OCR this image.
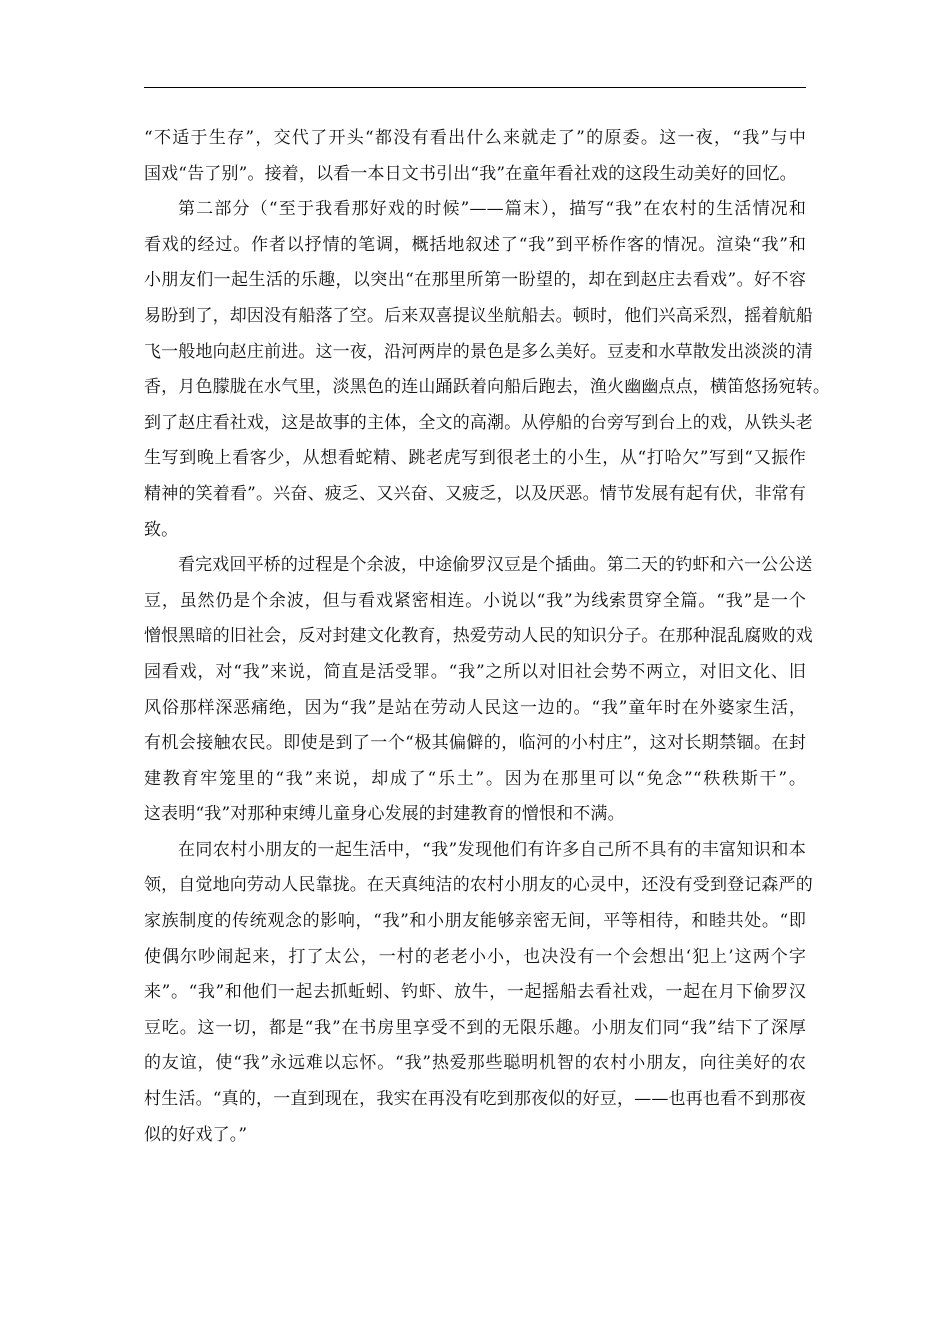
“不适于生存”，交代了开头“都没有看出什么来就走了”的原委。这一夜，“我”与中
国戏“告了别”。接着，以看一本日文书引出“我”在童年看社戏的这段生动美好的回忆。
第二部分（“至于我看那好戏的时候”——篇末），描写“我”在农村的生活情况和
看戏的经过。作者以抒情的笔调，概括地叙述了“我”到平桥作客的情况。渲染“我”和
小朋友们一起生活的乐趣，以突出“在那里所第一盼望的，却在到赵庄去看戏”。好不容
易盼到了，却因没有船落了空。后来双喜提议坐航船去。顿时，他们兴高采烈，摇着航船
飞一般地向赵庄前进。这一夜，沿河两岸的景色是多么美好。豆麦和水草散发出淡淡的清
香，月色朦胧在水气里，淡黑色的连山踊跃着向船后跑去，渔火幽幽点点，横笛悠扬宛转。
到了赵庄看社戏，这是故事的主体，全文的高潮。从停船的台旁写到台上的戏，从铁头老
生写到晚上看客少，从想看蛇精、跳老虎写到很老土的小生，从“打哈欠”写到“又振作
精神的笑着看”。兴奋、疲乏、又兴奋、又疲乏，以及厌恶。情节发展有起有伏，非常有
致。
看完戏回平桥的过程是个余波，中途偷罗汉豆是个插曲。第二天的钓虾和六一公公送
豆，虽然仍是个余波，但与看戏紧密相连。小说以“我”为线索贯穿全篇。“我”是一个
憎恨黑暗的旧社会，反对封建文化教育，热爱劳动人民的知识分子。在那种混乱腐败的戏
园看戏，对“我”来说，简直是活受罪。“我”之所以对旧社会势不两立，对旧文化、旧
风俗那样深恶痛绝，因为“我”是站在劳动人民这一边的。“我”童年时在外婆家生活，
有机会接触农民。即使是到了一个“极其偏僻的，临河的小村庄”，这对长期禁锢。在封
建教育牢笼里的“我”来说，却成了“乐土”。因为在那里可以“免念”“秩秩斯干”。
这表明“我”对那种束缚儿童身心发展的封建教育的憎恨和不满。
在同农村小朋友的一起生活中，“我”发现他们有许多自己所不具有的丰富知识和本
领，自觉地向劳动人民靠拢。在天真纯洁的农村小朋友的心灵中，还没有受到登记森严的
家族制度的传统观念的影响，“我”和小朋友能够亲密无间，平等相待，和睦共处。“即
使偶尔吵闹起来，打了太公，一村的老老小小，也决没有一个会想出‘犯上’这两个字
来”。“我”和他们一起去抓蚯蚓、钓虾、放牛，一起摇船去看社戏，一起在月下偷罗汉
豆吃。这一切，都是“我”在书房里享受不到的无限乐趣。小朋友们同“我”结下了深厚
的友谊，使“我”永远难以忘怀。“我”热爱那些聪明机智的农村小朋友，向往美好的农
村生活。“真的，一直到现在，我实在再没有吃到那夜似的好豆，——也再也看不到那夜
似的好戏了。”
